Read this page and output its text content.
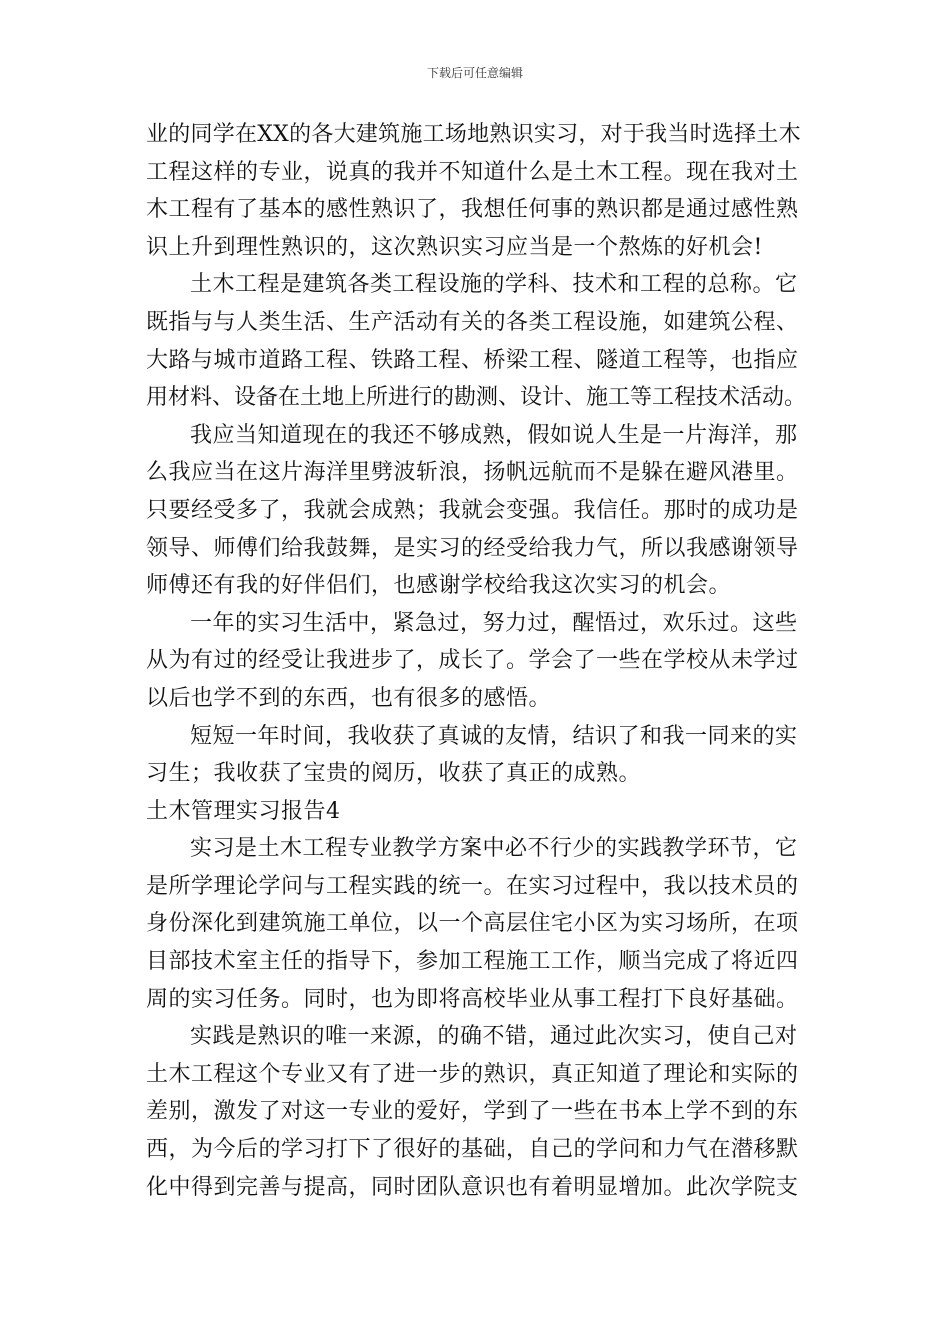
下载后可任意编辑
业的同学在XX的各大建筑施工场地熟识实习，对于我当时选择土木
工程这样的专业，说真的我并不知道什么是土木工程。现在我对土
木工程有了基本的感性熟识了，我想任何事的熟识都是通过感性熟
识上升到理性熟识的，这次熟识实习应当是一个熬炼的好机会!
土木工程是建筑各类工程设施的学科、技术和工程的总称。它
既指与与人类生活、生产活动有关的各类工程设施，如建筑公程、
大路与城市道路工程、铁路工程、桥梁工程、隧道工程等，也指应
用材料、设备在土地上所进行的勘测、设计、施工等工程技术活动。
我应当知道现在的我还不够成熟，假如说人生是一片海洋，那
么我应当在这片海洋里劈波斩浪，扬帆远航而不是躲在避风港里。
只要经受多了，我就会成熟；我就会变强。我信任。那时的成功是
领导、师傅们给我鼓舞，是实习的经受给我力气，所以我感谢领导
师傅还有我的好伴侣们，也感谢学校给我这次实习的机会。
一年的实习生活中，紧急过，努力过，醒悟过，欢乐过。这些
从为有过的经受让我进步了，成长了。学会了一些在学校从未学过
以后也学不到的东西，也有很多的感悟。
短短一年时间，我收获了真诚的友情，结识了和我一同来的实
习生；我收获了宝贵的阅历，收获了真正的成熟。
土木管理实习报告4
实习是土木工程专业教学方案中必不行少的实践教学环节，它
是所学理论学问与工程实践的统一。在实习过程中，我以技术员的
身份深化到建筑施工单位，以一个高层住宅小区为实习场所，在项
目部技术室主任的指导下，参加工程施工工作，顺当完成了将近四
周的实习任务。同时，也为即将高校毕业从事工程打下良好基础。
实践是熟识的唯一来源，的确不错，通过此次实习，使自己对
土木工程这个专业又有了进一步的熟识，真正知道了理论和实际的
差别，激发了对这一专业的爱好，学到了一些在书本上学不到的东
西，为今后的学习打下了很好的基础，自己的学问和力气在潜移默
化中得到完善与提高，同时团队意识也有着明显增加。此次学院支
